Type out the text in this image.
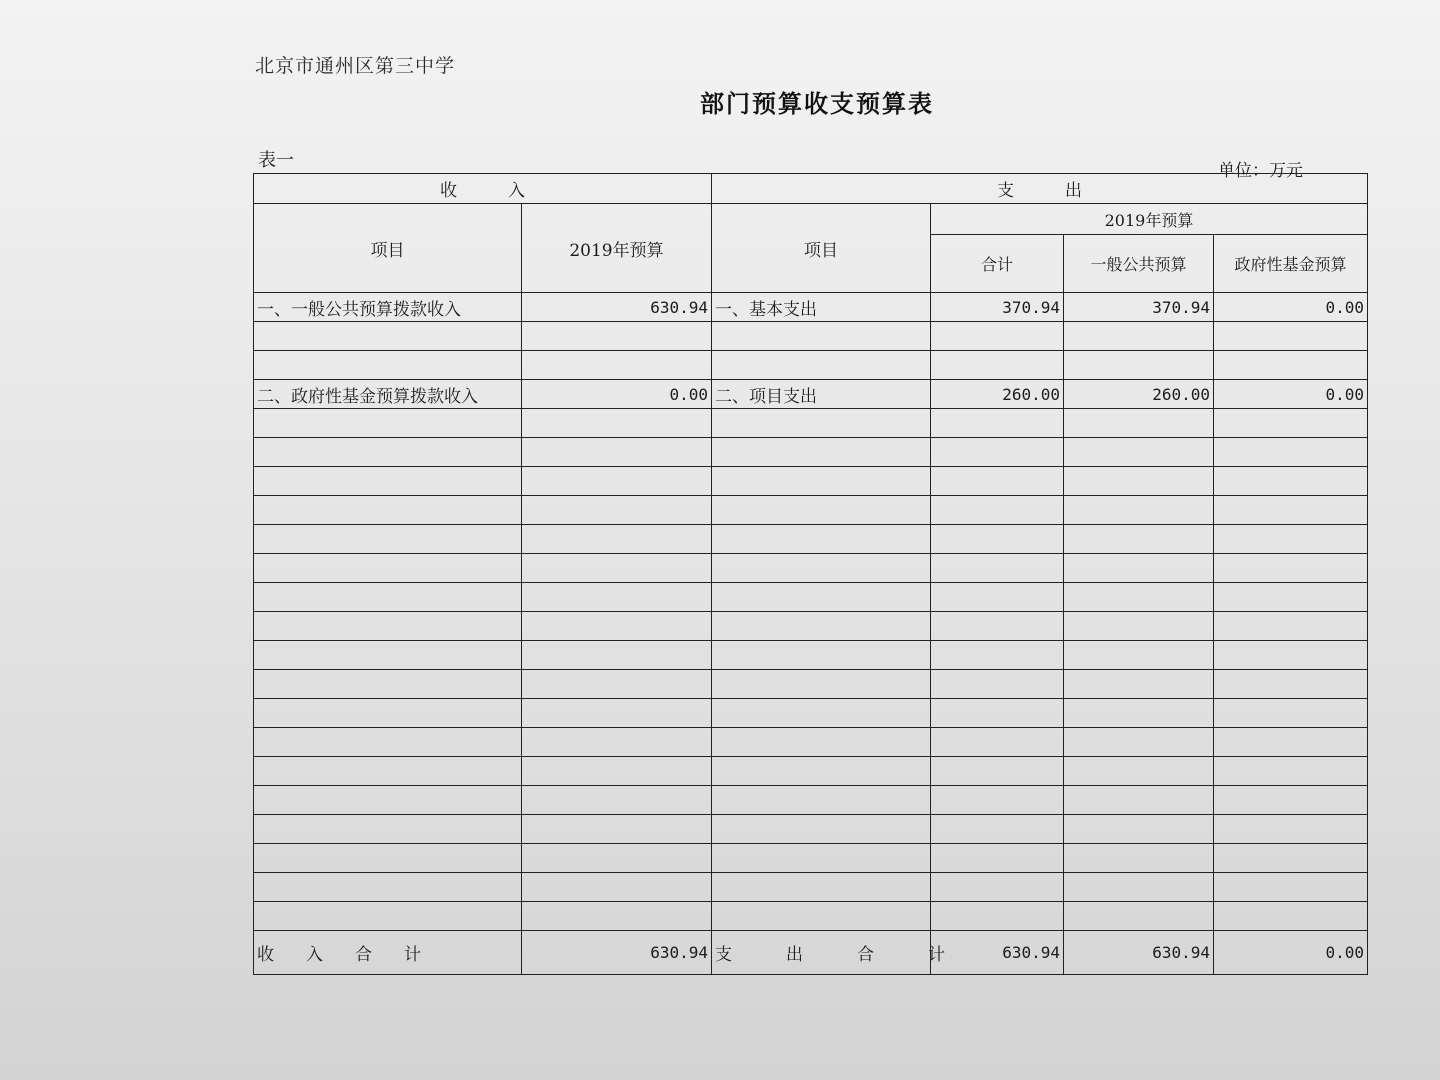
北京市通州区第三中学
部门预算收支预算表
表一	单位：万元
收　　　入		支　　　出			
项目	2019年预算	项目	2019年预算		
			合计	一般公共预算	政府性基金预算
一、一般公共预算拨款收入	630.94	一、基本支出	370.94	370.94	0.00

二、政府性基金预算拨款收入	0.00	二、项目支出	260.00	260.00	0.00

收入合计	630.94	支出合计	630.94	630.94	0.00
